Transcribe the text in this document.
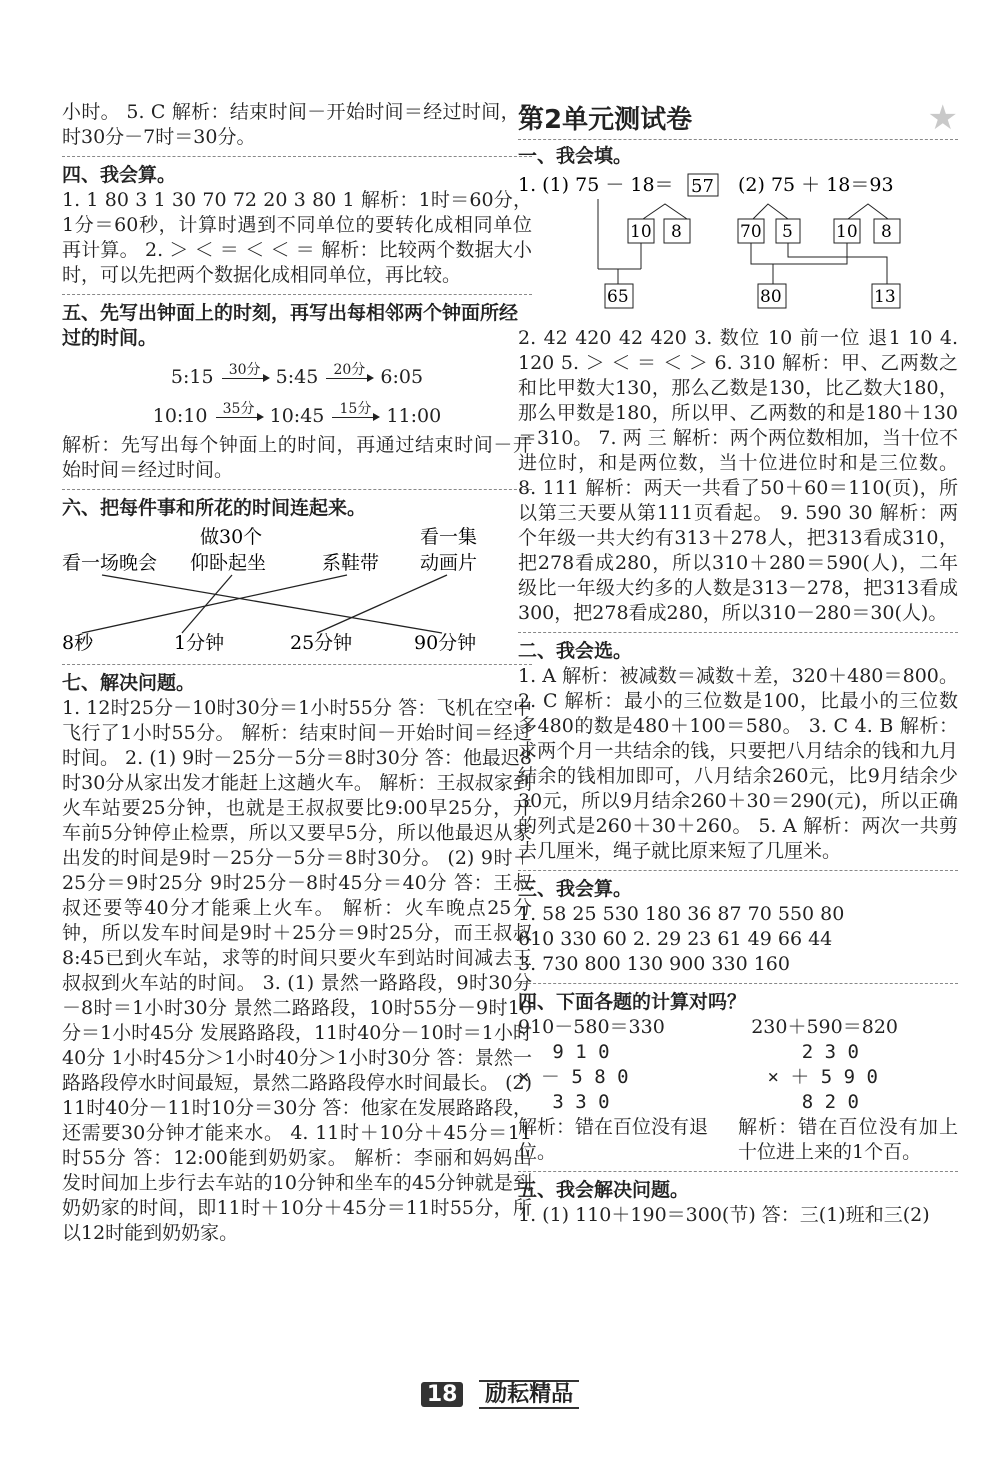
小时。 5. C 解析：结束时间－开始时间＝经过时间，7时30分－7时＝30分。

四、我会算。

1. 1 80 3 1 30 70 72 20 3 80 1 解析：1时＝60分，1分＝60秒，计算时遇到不同单位的要转化成相同单位再计算。 2. ＞ ＜ ＝ ＜ ＜ ＝ 解析：比较两个数据大小时，可以先把两个数据化成相同单位，再比较。

五、先写出钟面上的时刻，再写出每相邻两个钟面所经过的时间。
5:15	30分 5:45	20分 6:05
10:10	35分 10:45	15分 11:00

解析：先写出每个钟面上的时间，再通过结束时间－开始时间＝经过时间。

六、把每件事和所花的时间连起来。
看一场晚会
做30个
仰卧起坐	系鞋带
看一集
动画片
8秒	1分钟	25分钟	90分钟
七、解决问题。

1. 12时25分－10时30分＝1小时55分 答：飞机在空中飞行了1小时55分。 解析：结束时间－开始时间＝经过时间。 2. (1) 9时－25分－5分＝8时30分 答：他最迟8时30分从家出发才能赶上这趟火车。 解析：王叔叔家到火车站要25分钟，也就是王叔叔要比9:00早25分，开车前5分钟停止检票，所以又要早5分，所以他最迟从家出发的时间是9时－25分－5分＝8时30分。 (2) 9时＋25分＝9时25分 9时25分－8时45分＝40分 答：王叔叔还要等40分才能乘上火车。 解析：火车晚点25分钟，所以发车时间是9时＋25分＝9时25分，而王叔叔8:45已到火车站，求等的时间只要火车到站时间减去王叔叔到火车站的时间。 3. (1) 景然一路路段，9时30分－8时＝1小时30分 景然二路路段，10时55分－9时10分＝1小时45分 发展路路段，11时40分－10时＝1小时40分 1小时45分＞1小时40分＞1小时30分 答：景然一路路段停水时间最短，景然二路路段停水时间最长。 (2) 11时40分－11时10分＝30分 答：他家在发展路路段，还需要30分钟才能来水。 4. 11时＋10分＋45分＝11时55分 答：12:00能到奶奶家。 解析：李丽和妈妈出发时间加上步行去车站的10分钟和坐车的45分钟就是到奶奶家的时间，即11时＋10分＋45分＝11时55分，所以12时能到奶奶家。

第2单元测试卷	★
一、我会填。
1. (1) 75 － 18＝ 57 (2) 75 ＋ 18＝93
10 8
65
70 5	10 8
80	13

2. 42 420 42 420 3. 数位 10 前一位 退1 10 4. 120 5. ＞ ＜ ＝ ＜ ＞ 6. 310 解析：甲、乙两数之和比甲数大130，那么乙数是130，比乙数大180，那么甲数是180，所以甲、乙两数的和是180＋130＝310。 7. 两 三 解析：两个两位数相加，当十位不进位时，和是两位数，当十位进位时和是三位数。 8. 111 解析：两天一共看了50＋60＝110(页)，所以第三天要从第111页看起。 9. 590 30 解析：两个年级一共大约有313＋278人，把313看成310，把278看成280，所以310＋280＝590(人)，二年级比一年级大约多的人数是313－278，把313看成300，把278看成280，所以310－280＝30(人)。

二、我会选。

1. A 解析：被减数＝减数＋差，320＋480＝800。 2. C 解析：最小的三位数是100，比最小的三位数多480的数是480＋100＝580。 3. C 4. B 解析：求两个月一共结余的钱，只要把八月结余的钱和九月结余的钱相加即可，八月结余260元，比9月结余少30元，所以9月结余260＋30＝290(元)，所以正确的列式是260＋30＋260。 5. A 解析：两次一共剪去几厘米，绳子就比原来短了几厘米。

三、我会算。

1. 58 25 530 180 36 87 70 550 80

610 330 60 2. 29 23 61 49 66 44

3. 730 800 130 900 330 160

四、下面各题的计算对吗？
910－580＝330	230＋590＝820
9 1 0
× － 5 8 0
3 3 0
2 3 0
× ＋ 5 9 0
8 2 0

解析：错在百位没有退位。

解析：错在百位没有加上十位进上来的1个百。

五、我会解决问题。

1. (1) 110＋190＝300(节) 答：三(1)班和三(2)

18 励耘精品
